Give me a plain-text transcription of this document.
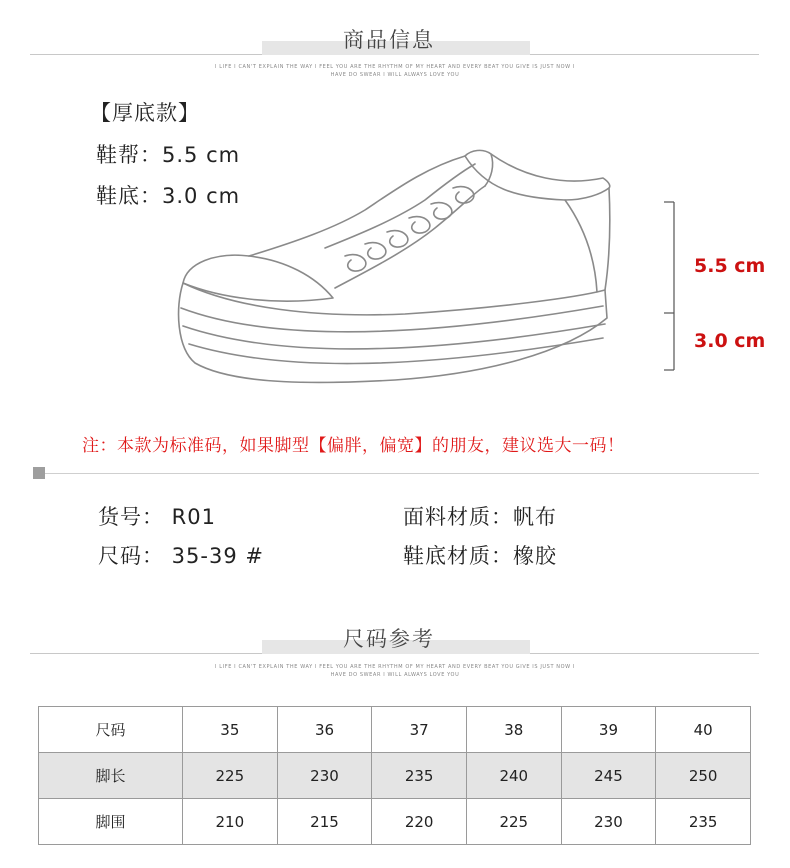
商品信息
I LIFE I CAN'T EXPLAIN THE WAY I FEEL YOU ARE THE RHYTHM OF MY HEART AND EVERY BEAT YOU GIVE IS JUST NOW I
HAVE DO SWEAR I WILL ALWAYS LOVE YOU
【厚底款】
鞋帮：5.5 cm
鞋底：3.0 cm
5.5 cm
3.0 cm
注：本款为标准码，如果脚型【偏胖，偏宽】的朋友，建议选大一码！
货号： R01
尺码： 35-39 #
面料材质：帆布
鞋底材质：橡胶
尺码参考
I LIFE I CAN'T EXPLAIN THE WAY I FEEL YOU ARE THE RHYTHM OF MY HEART AND EVERY BEAT YOU GIVE IS JUST NOW I
HAVE DO SWEAR I WILL ALWAYS LOVE YOU
尺码	35	36	37	38	39	40
脚长	225	230	235	240	245	250
脚围	210	215	220	225	230	235
